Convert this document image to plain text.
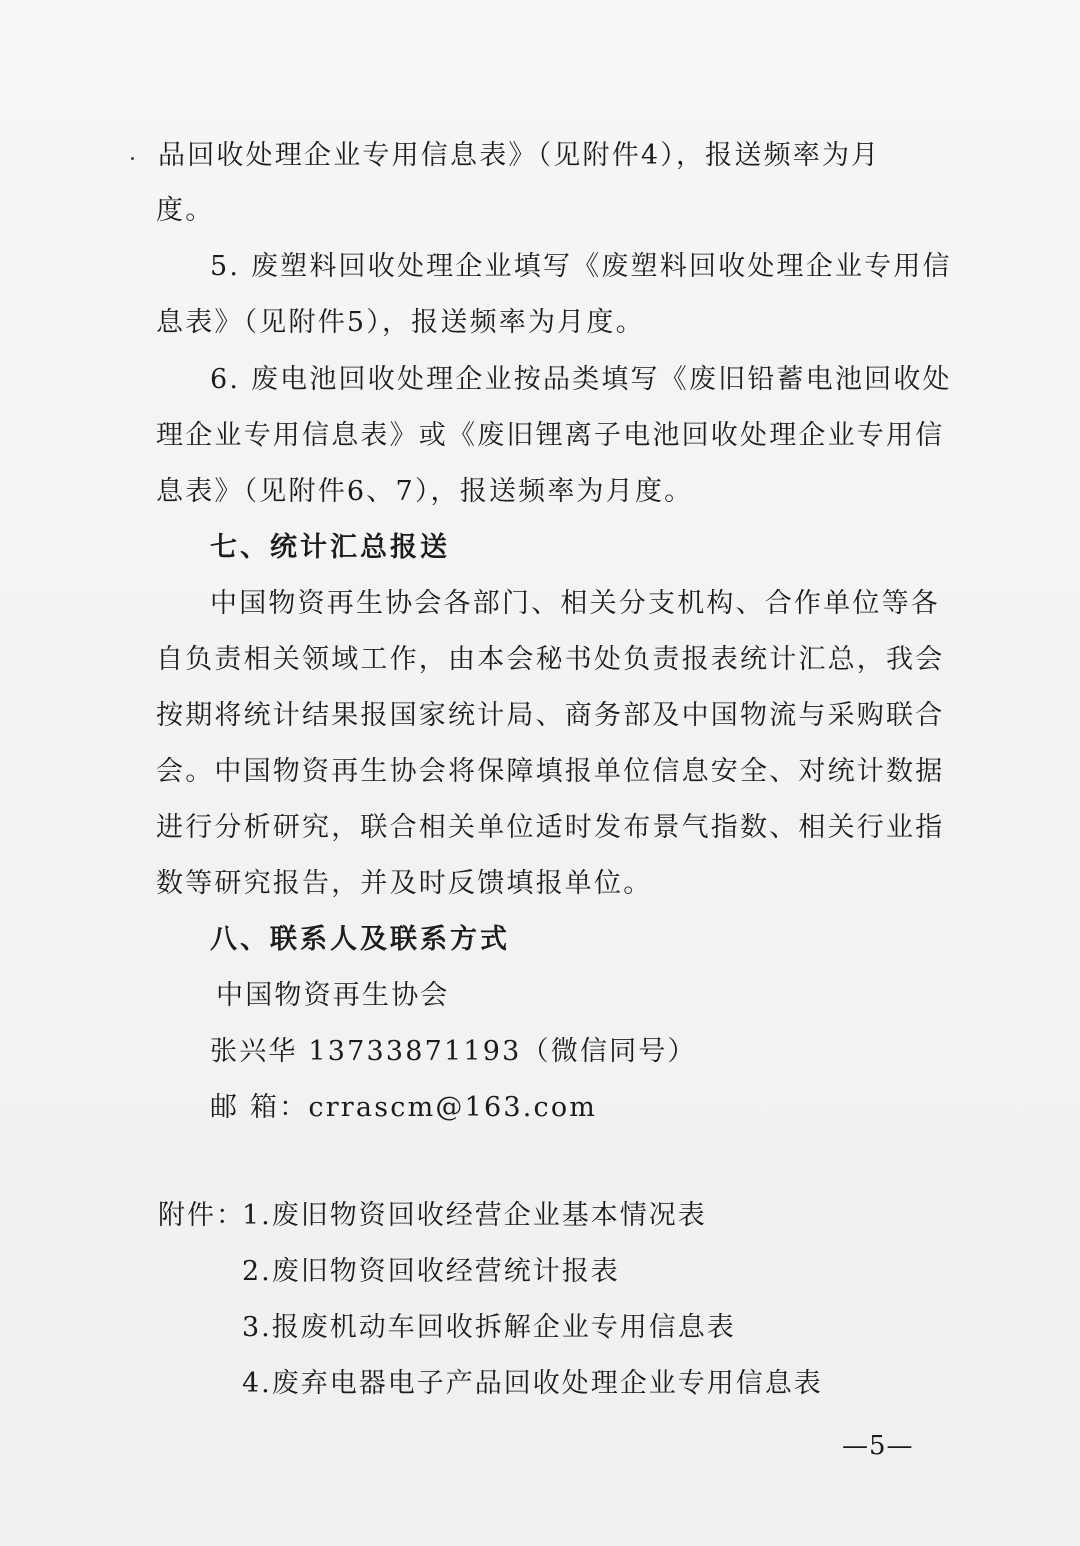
品回收处理企业专用信息表》（见附件4），报送频率为月
度。
5. 废塑料回收处理企业填写《废塑料回收处理企业专用信
息表》（见附件5），报送频率为月度。
6. 废电池回收处理企业按品类填写《废旧铅蓄电池回收处
理企业专用信息表》或《废旧锂离子电池回收处理企业专用信
息表》（见附件6、7），报送频率为月度。
七、统计汇总报送
中国物资再生协会各部门、相关分支机构、合作单位等各
自负责相关领域工作，由本会秘书处负责报表统计汇总，我会
按期将统计结果报国家统计局、商务部及中国物流与采购联合
会。中国物资再生协会将保障填报单位信息安全、对统计数据
进行分析研究，联合相关单位适时发布景气指数、相关行业指
数等研究报告，并及时反馈填报单位。
八、联系人及联系方式
中国物资再生协会
张兴华 13733871193（微信同号）
邮 箱：crrascm@163.com
附件：
1.废旧物资回收经营企业基本情况表
2.废旧物资回收经营统计报表
3.报废机动车回收拆解企业专用信息表
4.废弃电器电子产品回收处理企业专用信息表
—5—
